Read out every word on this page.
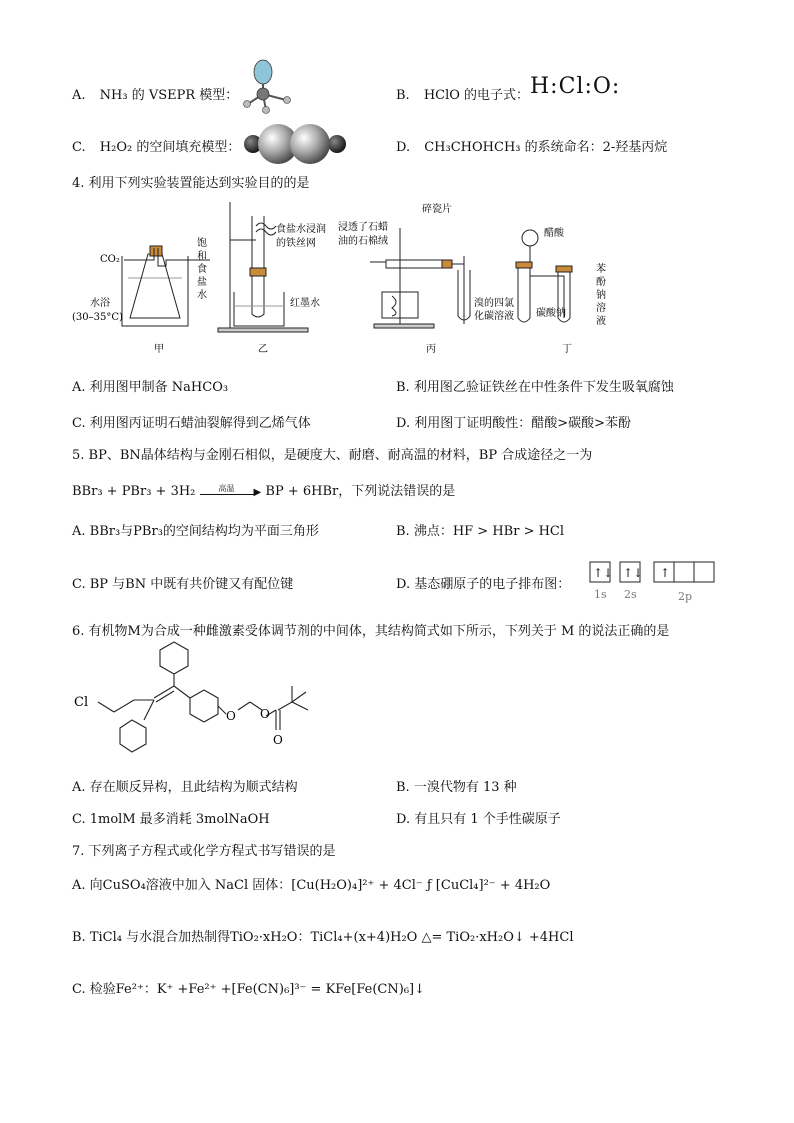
A. NH₃ 的 VSEPR 模型：	B. HClO 的电子式： H:Cl:O:
C. H₂O₂ 的空间填充模型：	D. CH₃CHOHCH₃ 的系统命名：2-羟基丙烷
4. 利用下列实验装置能达到实验目的的是
CO₂
水浴
(30–35°C)
饱
和
食
盐
水
甲
食盐水浸润
的铁丝网
红墨水
乙
碎瓷片
浸透了石蜡
油的石棉绒
溴的四氯
化碳溶液
丙
醋酸
碳酸钠
苯
酚
钠
溶
液
丁
A. 利用图甲制备 NaHCO₃	B. 利用图乙验证铁丝在中性条件下发生吸氧腐蚀
C. 利用图丙证明石蜡油裂解得到乙烯气体	D. 利用图丁证明酸性：醋酸>碳酸>苯酚
5. BP、BN晶体结构与金刚石相似，是硬度大、耐磨、耐高温的材料，BP 合成途径之一为
BBr₃ + PBr₃ + 3H₂	高温 ▶ BP + 6HBr，下列说法错误的是
A. BBr₃与PBr₃的空间结构均为平面三角形	B. 沸点：HF > HBr > HCl
C. BP 与BN 中既有共价键又有配位键	D. 基态硼原子的电子排布图：
↑↓ ↑↓ ↑
1s 2s	2p
6. 有机物M为合成一种雌激素受体调节剂的中间体，其结构简式如下所示，下列关于 M 的说法正确的是
Cl
O O
O
A. 存在顺反异构，且此结构为顺式结构	B. 一溴代物有 13 种
C. 1molM 最多消耗 3molNaOH	D. 有且只有 1 个手性碳原子
7. 下列离子方程式或化学方程式书写错误的是
A. 向CuSO₄溶液中加入 NaCl 固体：[Cu(H₂O)₄]²⁺ + 4Cl⁻ ƒ [CuCl₄]²⁻ + 4H₂O
B. TiCl₄ 与水混合加热制得TiO₂·xH₂O：TiCl₄+(x+4)H₂O △= TiO₂·xH₂O↓ +4HCl
C. 检验Fe²⁺：K⁺ +Fe²⁺ +[Fe(CN)₆]³⁻ = KFe[Fe(CN)₆]↓
